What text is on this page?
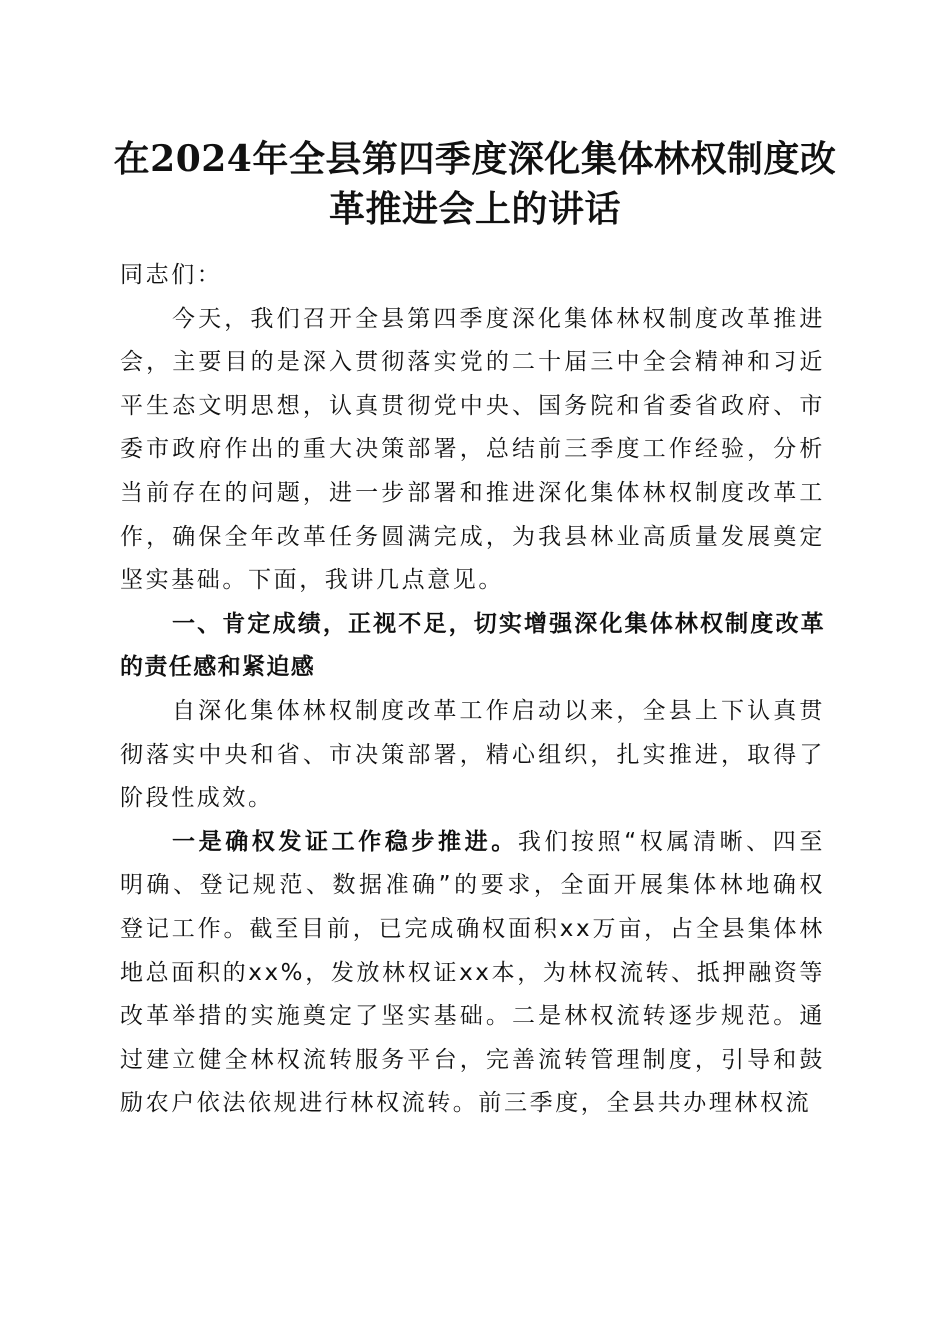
在2024年全县第四季度深化集体林权制度改
革推进会上的讲话

同志们：

今天，我们召开全县第四季度深化集体林权制度改革推进会，主要目的是深入贯彻落实党的二十届三中全会精神和习近平生态文明思想，认真贯彻党中央、国务院和省委省政府、市委市政府作出的重大决策部署，总结前三季度工作经验，分析当前存在的问题，进一步部署和推进深化集体林权制度改革工作，确保全年改革任务圆满完成，为我县林业高质量发展奠定坚实基础。下面，我讲几点意见。

一、肯定成绩，正视不足，切实增强深化集体林权制度改革的责任感和紧迫感

自深化集体林权制度改革工作启动以来，全县上下认真贯彻落实中央和省、市决策部署，精心组织，扎实推进，取得了阶段性成效。

一是确权发证工作稳步推进。我们按照“权属清晰、四至明确、登记规范、数据准确”的要求，全面开展集体林地确权登记工作。截至目前，已完成确权面积xx万亩，占全县集体林地总面积的xx%，发放林权证xx本，为林权流转、抵押融资等改革举措的实施奠定了坚实基础。二是林权流转逐步规范。通过建立健全林权流转服务平台，完善流转管理制度，引导和鼓励农户依法依规进行林权流转。前三季度，全县共办理林权流
